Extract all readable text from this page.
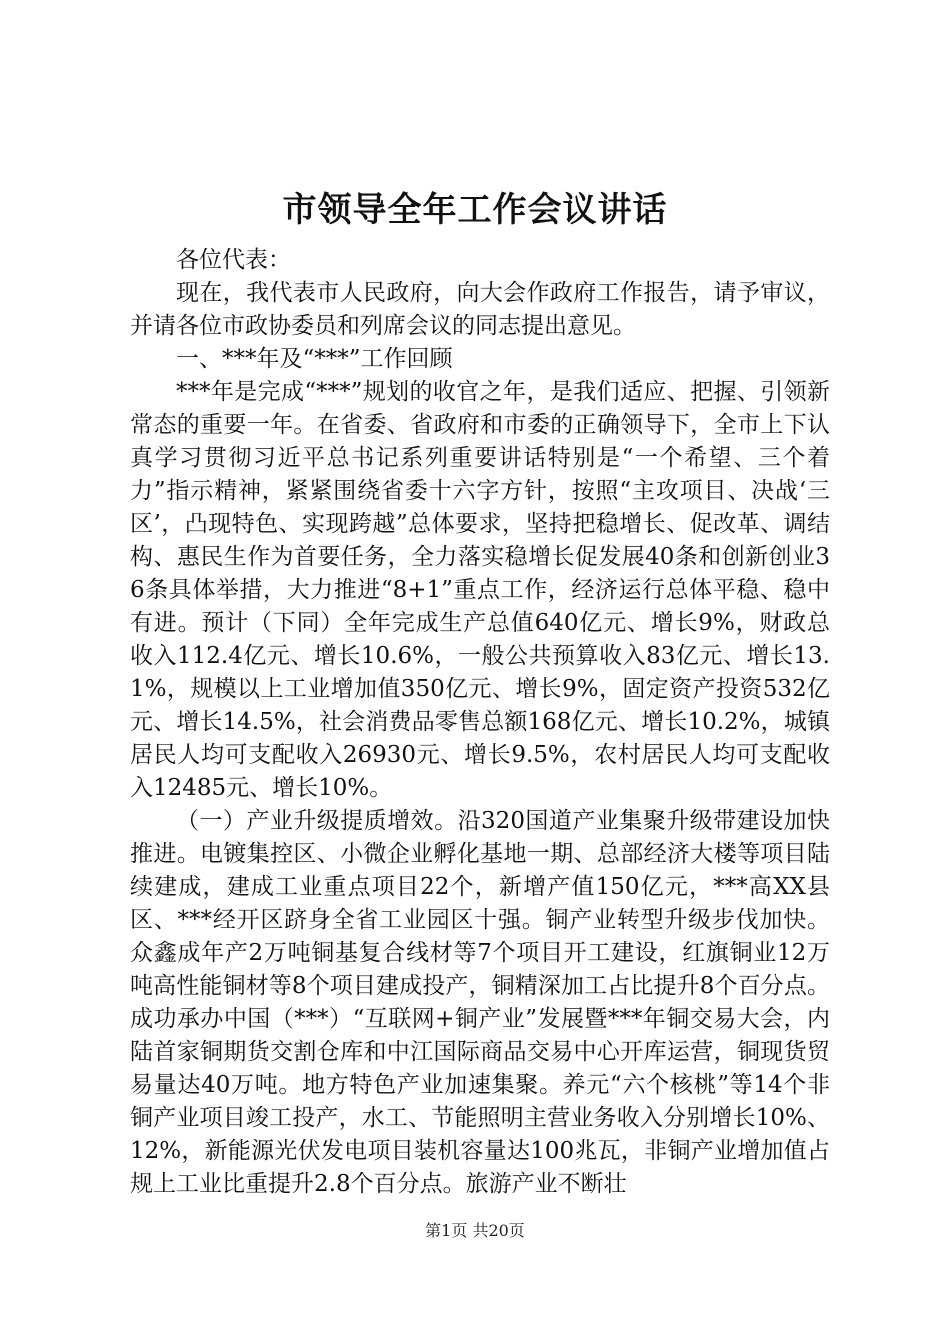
市领导全年工作会议讲话

各位代表：

现在，我代表市人民政府，向大会作政府工作报告，请予审议，并请各位市政协委员和列席会议的同志提出意见。

一、***年及“***”工作回顾

***年是完成“***”规划的收官之年，是我们适应、把握、引领新常态的重要一年。在省委、省政府和市委的正确领导下，全市上下认真学习贯彻习近平总书记系列重要讲话特别是“一个希望、三个着力”指示精神，紧紧围绕省委十六字方针，按照“主攻项目、决战‘三区’，凸现特色、实现跨越”总体要求，坚持把稳增长、促改革、调结构、惠民生作为首要任务，全力落实稳增长促发展40条和创新创业36条具体举措，大力推进“8+1”重点工作，经济运行总体平稳、稳中有进。预计（下同）全年完成生产总值640亿元、增长9%，财政总收入112.4亿元、增长10.6%，一般公共预算收入83亿元、增长13.1%，规模以上工业增加值350亿元、增长9%，固定资产投资532亿元、增长14.5%，社会消费品零售总额168亿元、增长10.2%，城镇居民人均可支配收入26930元、增长9.5%，农村居民人均可支配收入12485元、增长10%。

（一）产业升级提质增效。沿320国道产业集聚升级带建设加快推进。电镀集控区、小微企业孵化基地一期、总部经济大楼等项目陆续建成，建成工业重点项目22个，新增产值150亿元，***高XX县区、***经开区跻身全省工业园区十强。铜产业转型升级步伐加快。众鑫成年产2万吨铜基复合线材等7个项目开工建设，红旗铜业12万吨高性能铜材等8个项目建成投产，铜精深加工占比提升8个百分点。成功承办中国（***）“互联网+铜产业”发展暨***年铜交易大会，内陆首家铜期货交割仓库和中江国际商品交易中心开库运营，铜现货贸易量达40万吨。地方特色产业加速集聚。养元“六个核桃”等14个非铜产业项目竣工投产，水工、节能照明主营业务收入分别增长10%、12%，新能源光伏发电项目装机容量达100兆瓦，非铜产业增加值占规上工业比重提升2.8个百分点。旅游产业不断壮

第1页 共20页
